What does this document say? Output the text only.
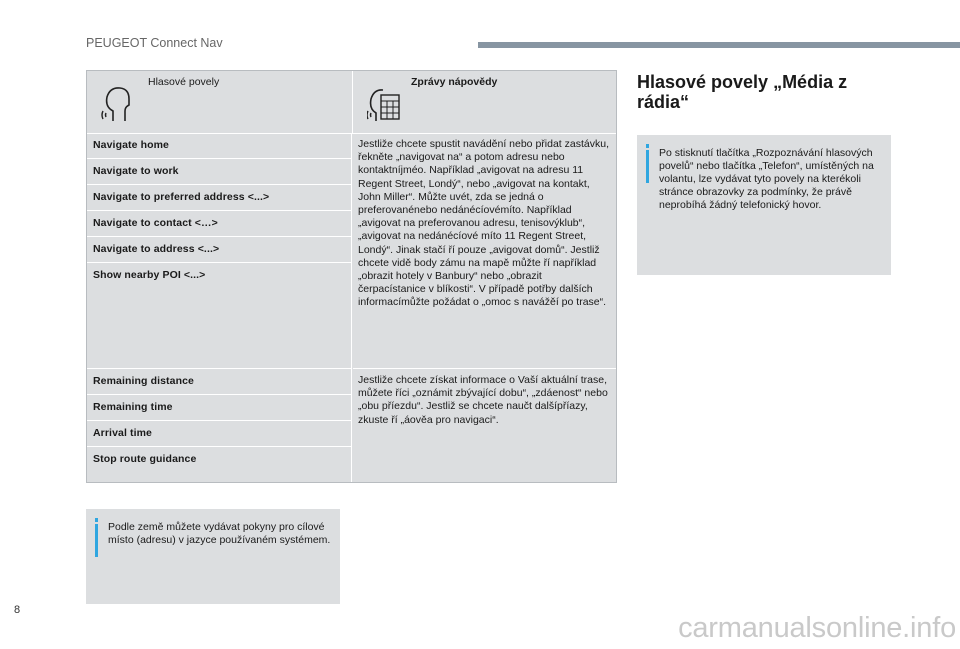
PEUGEOT Connect Nav
Hlasové povely	Zprávy nápovědy
Navigate home
Navigate to work
Navigate to preferred address <...>
Navigate to contact <…>
Navigate to address <...>
Show nearby POI <...>
Remaining distance
Remaining time
Arrival time
Stop route guidance
Jestliže chcete spustit navádění nebo přidat zastávku, řekněte „navigovat na“ a potom adresu nebo kontaktníjméo. Například „avigovat na adresu 11 Regent Street, Londý“, nebo „avigovat na kontakt, John Miller“. Můžte uvét, zda se jedná o preferovanénebo nedánécíovémíto. Například „avigovat na preferovanou adresu, tenisovýklub“, „avigovat na nedánécíové míto 11 Regent Street, Londý“. Jinak stačí ří pouze „avigovat domů“. Jestliž chcete vidě body zámu na mapě můžte ří například „obrazit hotely v Banbury“ nebo „obrazit čerpacístanice v blíkosti“. V případě potřby dalších informacímůžte požádat o „omoc s navážěí po trase“.
Jestliže chcete získat informace o Vaší aktuální trase, můžete říci „oznámit zbývající dobu“, „zdáenost“ nebo „obu příezdu“. Jestliž se chcete naučt dalšípříazy, zkuste ří „áověa pro navigaci“.
Podle země můžete vydávat pokyny pro cílové místo (adresu) v jazyce používaném systémem.
Hlasové povely „Média z rádia“
Po stisknutí tlačítka „Rozpoznávání hlasových povelů“ nebo tlačítka „Telefon“, umístěných na volantu, lze vydávat tyto povely na kterékoli stránce obrazovky za podmínky, že právě neprobíhá žádný telefonický hovor.
8
carmanualsonline.info
